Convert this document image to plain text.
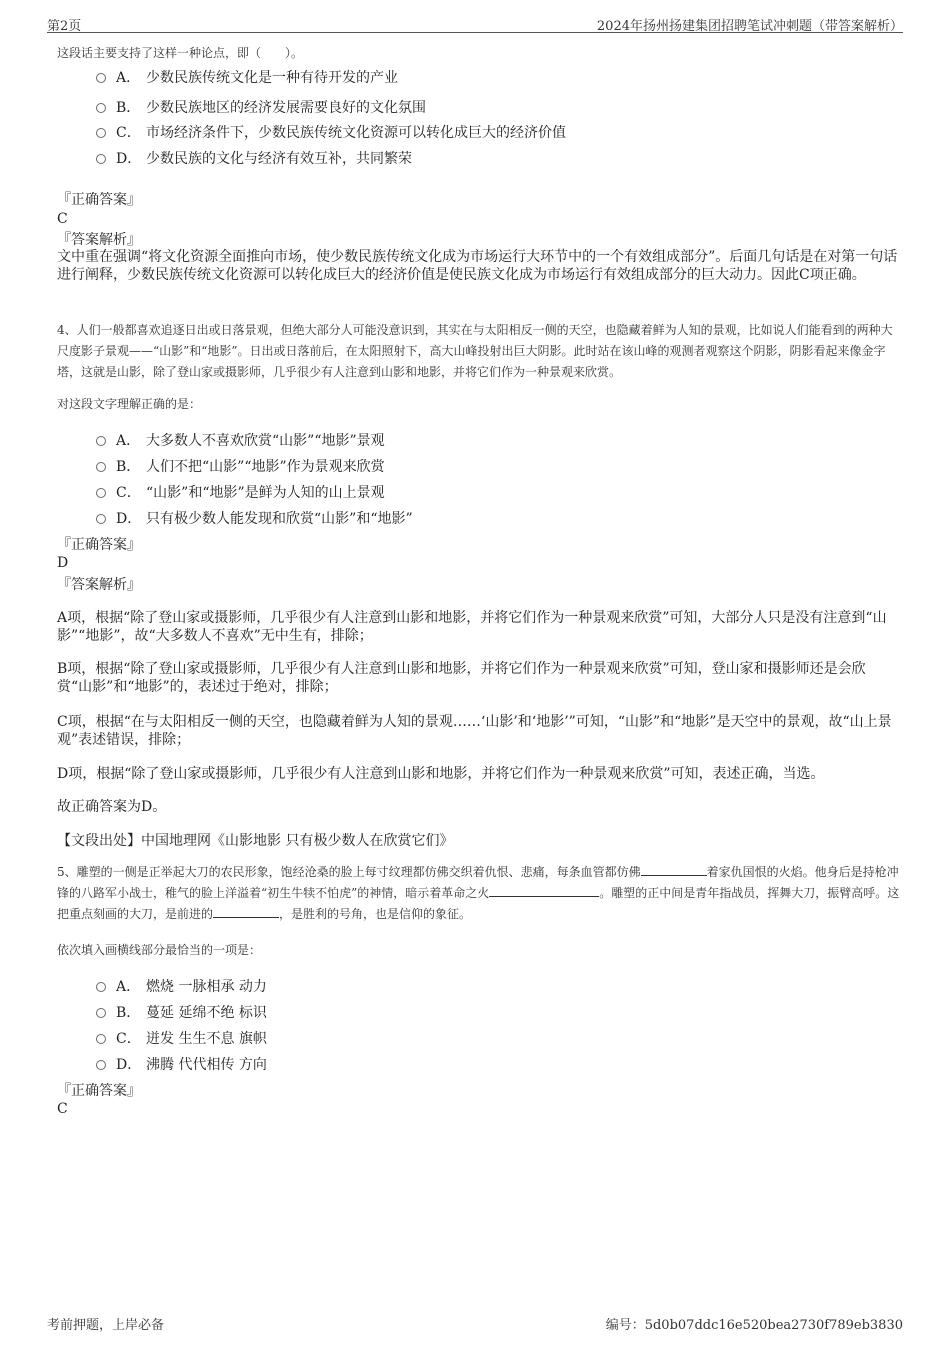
第2页	2024年扬州扬建集团招聘笔试冲刺题（带答案解析）
这段话主要支持了这样一种论点，即（　　）。
A． 少数民族传统文化是一种有待开发的产业
B． 少数民族地区的经济发展需要良好的文化氛围
C． 市场经济条件下，少数民族传统文化资源可以转化成巨大的经济价值
D． 少数民族的文化与经济有效互补，共同繁荣
『正确答案』
C
『答案解析』
文中重在强调“将文化资源全面推向市场，使少数民族传统文化成为市场运行大环节中的一个有效组成部分”。后面几句话是在对第一句话进行阐释，少数民族传统文化资源可以转化成巨大的经济价值是使民族文化成为市场运行有效组成部分的巨大动力。因此C项正确。
4、人们一般都喜欢追逐日出或日落景观，但绝大部分人可能没意识到，其实在与太阳相反一侧的天空，也隐藏着鲜为人知的景观，比如说人们能看到的两种大尺度影子景观——“山影”和“地影”。日出或日落前后，在太阳照射下，高大山峰投射出巨大阴影。此时站在该山峰的观测者观察这个阴影，阴影看起来像金字塔，这就是山影，除了登山家或摄影师，几乎很少有人注意到山影和地影，并将它们作为一种景观来欣赏。
对这段文字理解正确的是：
A． 大多数人不喜欢欣赏“山影”“地影”景观
B． 人们不把“山影”“地影”作为景观来欣赏
C． “山影”和“地影”是鲜为人知的山上景观
D． 只有极少数人能发现和欣赏“山影”和“地影”
『正确答案』
D
『答案解析』
A项，根据“除了登山家或摄影师，几乎很少有人注意到山影和地影，并将它们作为一种景观来欣赏”可知，大部分人只是没有注意到“山影”“地影”，故“大多数人不喜欢”无中生有，排除；
B项，根据“除了登山家或摄影师，几乎很少有人注意到山影和地影，并将它们作为一种景观来欣赏”可知，登山家和摄影师还是会欣赏“山影”和“地影”的，表述过于绝对，排除；
C项，根据“在与太阳相反一侧的天空，也隐藏着鲜为人知的景观……‘山影’和‘地影’”可知，“山影”和“地影”是天空中的景观，故“山上景观”表述错误，排除；
D项，根据“除了登山家或摄影师，几乎很少有人注意到山影和地影，并将它们作为一种景观来欣赏”可知，表述正确，当选。
故正确答案为D。
【文段出处】中国地理网《山影地影 只有极少数人在欣赏它们》
5、雕塑的一侧是正举起大刀的农民形象，饱经沧桑的脸上每寸纹理都仿佛交织着仇恨、悲痛，每条血管都仿佛	着家仇国恨的火焰。他身后是持枪冲锋的八路军小战士，稚气的脸上洋溢着“初生牛犊不怕虎”的神情，暗示着革命之火	。雕塑的正中间是青年指战员，挥舞大刀，振臂高呼。这把重点刻画的大刀，是前进的	，是胜利的号角，也是信仰的象征。
依次填入画横线部分最恰当的一项是：
A． 燃烧 一脉相承 动力
B． 蔓延 延绵不绝 标识
C． 迸发 生生不息 旗帜
D． 沸腾 代代相传 方向
『正确答案』
C
考前押题，上岸必备	编号：5d0b07ddc16e520bea2730f789eb3830
